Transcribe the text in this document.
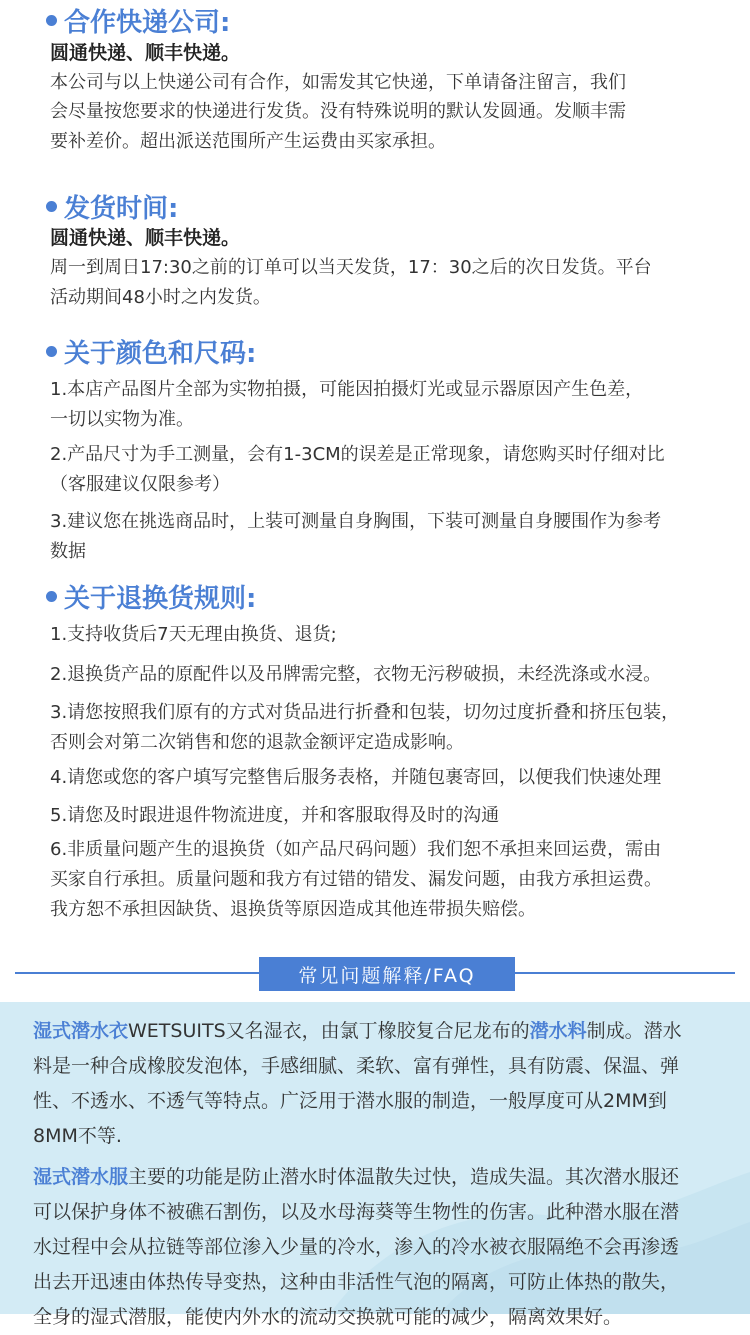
合作快递公司:

圆通快递、顺丰快递。

本公司与以上快递公司有合作，如需发其它快递，下单请备注留言，我们

会尽量按您要求的快递进行发货。没有特殊说明的默认发圆通。发顺丰需

要补差价。超出派送范围所产生运费由买家承担。

发货时间:

圆通快递、顺丰快递。

周一到周日17:30之前的订单可以当天发货，17：30之后的次日发货。平台

活动期间48小时之内发货。

关于颜色和尺码:

1.本店产品图片全部为实物拍摄，可能因拍摄灯光或显示器原因产生色差，

一切以实物为准。

2.产品尺寸为手工测量，会有1-3CM的误差是正常现象，请您购买时仔细对比

（客服建议仅限参考）

3.建议您在挑选商品时，上装可测量自身胸围，下装可测量自身腰围作为参考

数据

关于退换货规则:

1.支持收货后7天无理由换货、退货;

2.退换货产品的原配件以及吊牌需完整，衣物无污秽破损，未经洗涤或水浸。

3.请您按照我们原有的方式对货品进行折叠和包装，切勿过度折叠和挤压包装，

否则会对第二次销售和您的退款金额评定造成影响。

4.请您或您的客户填写完整售后服务表格，并随包裹寄回，以便我们快速处理

5.请您及时跟进退件物流进度，并和客服取得及时的沟通

6.非质量问题产生的退换货（如产品尺码问题）我们恕不承担来回运费，需由

买家自行承担。质量问题和我方有过错的错发、漏发问题，由我方承担运费。

我方恕不承担因缺货、退换货等原因造成其他连带损失赔偿。

常见问题解释/FAQ

湿式潜水衣WETSUITS又名湿衣，由氯丁橡胶复合尼龙布的潜水料制成。潜水

料是一种合成橡胶发泡体，手感细腻、柔软、富有弹性，具有防震、保温、弹

性、不透水、不透气等特点。广泛用于潜水服的制造，一般厚度可从2MM到

8MM不等.

湿式潜水服主要的功能是防止潜水时体温散失过快，造成失温。其次潜水服还

可以保护身体不被礁石割伤，以及水母海葵等生物性的伤害。此种潜水服在潜

水过程中会从拉链等部位渗入少量的冷水，渗入的冷水被衣服隔绝不会再渗透

出去开迅速由体热传导变热，这种由非活性气泡的隔离，可防止体热的散失，

全身的湿式潜服，能使内外水的流动交换就可能的减少，隔离效果好。
